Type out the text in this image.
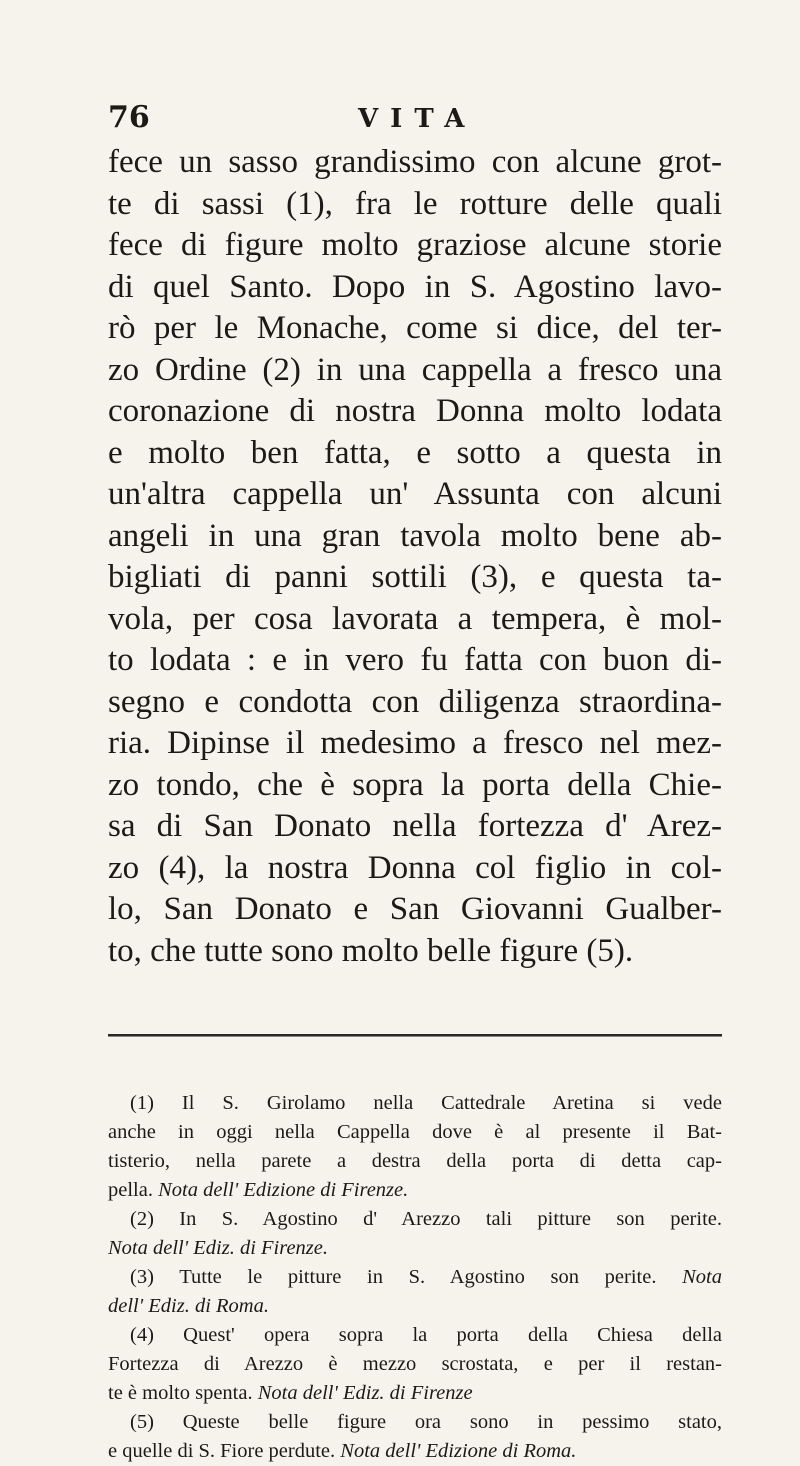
76	VITA
fece un sasso grandissimo con alcune grot-
te di sassi (1), fra le rotture delle quali
fece di figure molto graziose alcune storie
di quel Santo. Dopo in S. Agostino lavo-
rò per le Monache, come si dice, del ter-
zo Ordine (2) in una cappella a fresco una
coronazione di nostra Donna molto lodata
e molto ben fatta, e sotto a questa in
un'altra cappella un' Assunta con alcuni
angeli in una gran tavola molto bene ab-
bigliati di panni sottili (3), e questa ta-
vola, per cosa lavorata a tempera, è mol-
to lodata : e in vero fu fatta con buon di-
segno e condotta con diligenza straordina-
ria. Dipinse il medesimo a fresco nel mez-
zo tondo, che è sopra la porta della Chie-
sa di San Donato nella fortezza d' Arez-
zo (4), la nostra Donna col figlio in col-
lo, San Donato e San Giovanni Gualber-
to, che tutte sono molto belle figure (5).
(1) Il S. Girolamo nella Cattedrale Aretina si vede
anche in oggi nella Cappella dove è al presente il Bat-
tisterio, nella parete a destra della porta di detta cap-
pella. Nota dell' Edizione di Firenze.
(2) In S. Agostino d' Arezzo tali pitture son perite.
Nota dell' Ediz. di Firenze.
(3) Tutte le pitture in S. Agostino son perite. Nota
dell' Ediz. di Roma.
(4) Quest' opera sopra la porta della Chiesa della
Fortezza di Arezzo è mezzo scrostata, e per il restan-
te è molto spenta. Nota dell' Ediz. di Firenze
(5) Queste belle figure ora sono in pessimo stato,
e quelle di S. Fiore perdute. Nota dell' Edizione di Roma.
